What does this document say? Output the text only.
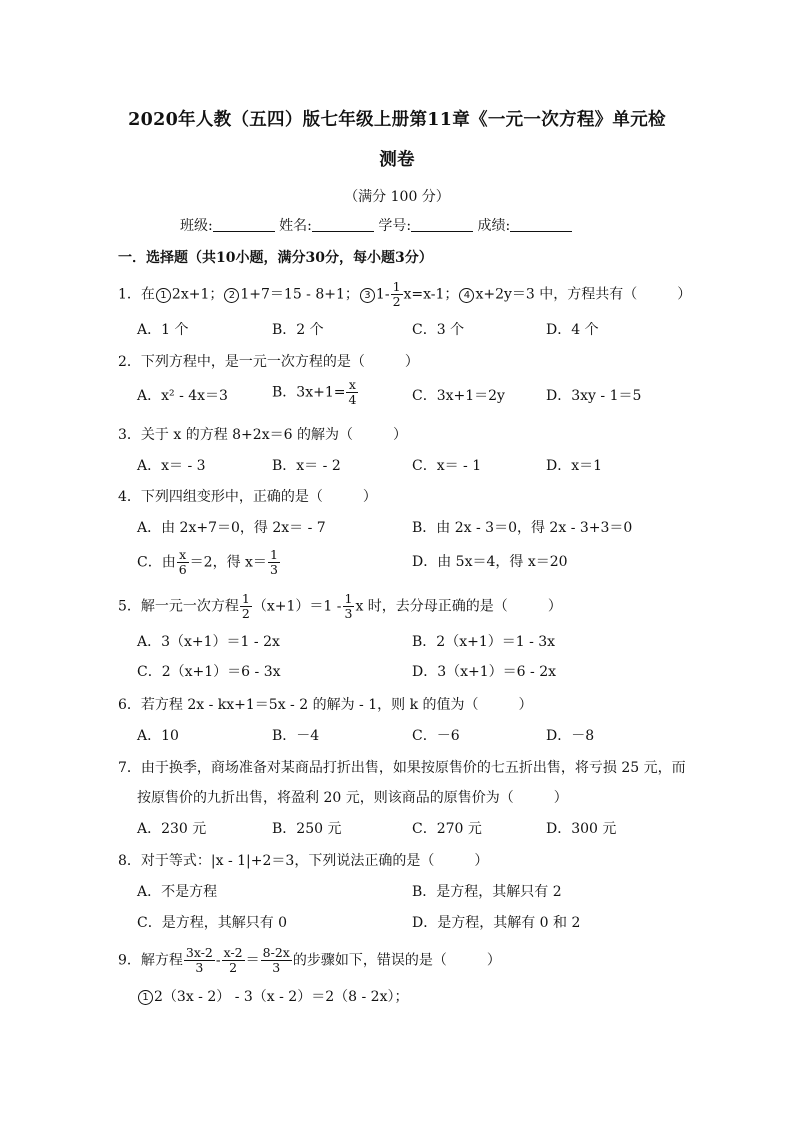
2020年人教（五四）版七年级上册第11章《一元一次方程》单元检
测卷
（满分 100 分）
班级:	姓名:	学号:	成绩:
一．选择题（共10小题，满分30分，每小题3分）
1．在 1 2x+1； 2 1+7＝15 - 8+1； 3 $1- \frac{1}{2} x=x-1$； 4 x+2y＝3 中，方程共有（	）
A．1 个	B．2 个	C．3 个	D．4 个
2．下列方程中，是一元一次方程的是（	）
A．x² - 4x＝3	B．$3x+1= \frac{x}{4}$	C．3x+1＝2y	D．3xy - 1＝5
3．关于 x 的方程 8+2x＝6 的解为（	）
A．x＝ - 3	B．x＝ - 2	C．x＝ - 1	D．x＝1
4．下列四组变形中，正确的是（	）
A．由 2x+7＝0，得 2x＝ - 7	B．由 2x - 3＝0，得 2x - 3+3＝0
C．由 $\frac{x}{6} =2$，得 $x= \frac{1}{3}$	D．由 5x＝4，得 x＝20
5．解一元一次方程 $\frac{1}{2} (x+1)=1 - \frac{1}{3}$ x 时，去分母正确的是（	）
A．3（x+1）＝1 - 2x	B．2（x+1）＝1 - 3x
C．2（x+1）＝6 - 3x	D．3（x+1）＝6 - 2x
6．若方程 2x - kx+1＝5x - 2 的解为 - 1，则 k 的值为（	）
A．10	B．－4	C．－6	D．－8
7．由于换季，商场准备对某商品打折出售，如果按原售价的七五折出售，将亏损 25 元，而
按原售价的九折出售，将盈利 20 元，则该商品的原售价为（	）
A．230 元	B．250 元	C．270 元	D．300 元
8．对于等式：|x - 1|+2＝3，下列说法正确的是（	）
A．不是方程	B．是方程，其解只有 2
C．是方程，其解只有 0	D．是方程，其解有 0 和 2
9．解方程 $\frac{3x-2}{3} - \frac{x-2}{2} = \frac{8-2x}{3}$ 的步骤如下，错误的是（	）
1 2（3x - 2） - 3（x - 2）＝2（8 - 2x）；
